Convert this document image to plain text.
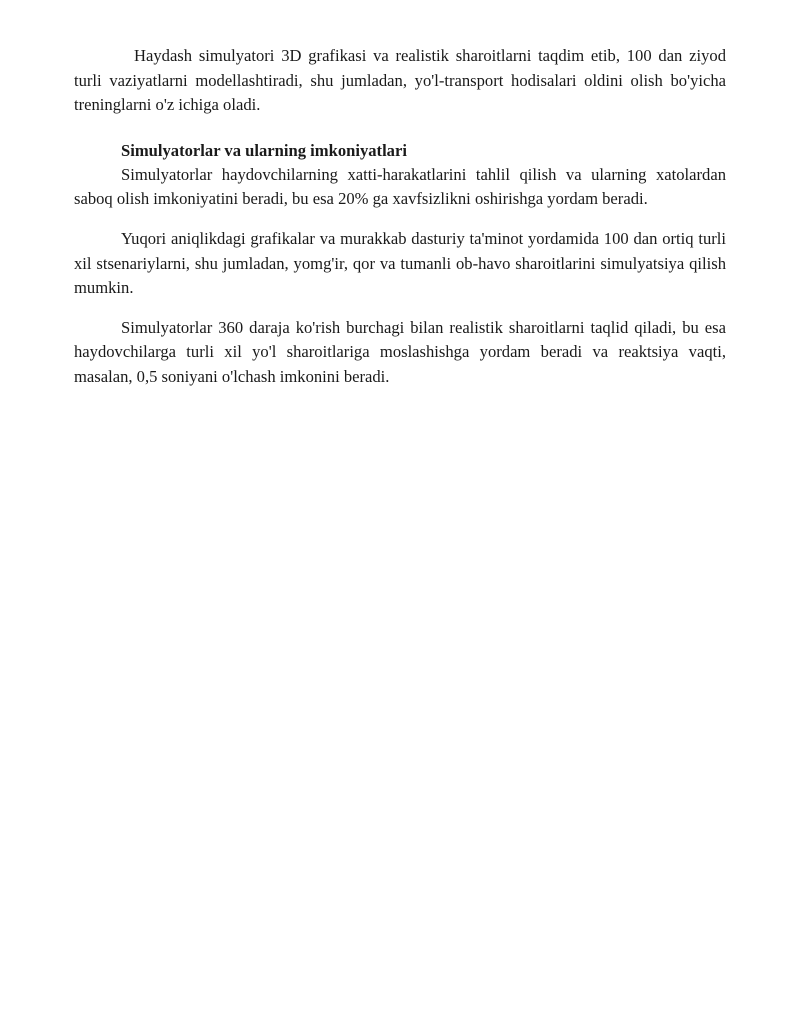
Haydash simulyatori 3D grafikasi va realistik sharoitlarni taqdim etib, 100 dan ziyod turli vaziyatlarni modellashtiradi, shu jumladan, yo'l-transport hodisalari oldini olish bo'yicha treninglarni o'z ichiga oladi.

Simulyatorlar va ularning imkoniyatlari

Simulyatorlar haydovchilarning xatti-harakatlarini tahlil qilish va ularning xatolardan saboq olish imkoniyatini beradi, bu esa 20% ga xavfsizlikni oshirishga yordam beradi.

Yuqori aniqlikdagi grafikalar va murakkab dasturiy ta'minot yordamida 100 dan ortiq turli xil stsenariylarni, shu jumladan, yomg'ir, qor va tumanli ob-havo sharoitlarini simulyatsiya qilish mumkin.

Simulyatorlar 360 daraja ko'rish burchagi bilan realistik sharoitlarni taqlid qiladi, bu esa haydovchilarga turli xil yo'l sharoitlariga moslashishga yordam beradi va reaktsiya vaqti, masalan, 0,5 soniyani o'lchash imkonini beradi.
